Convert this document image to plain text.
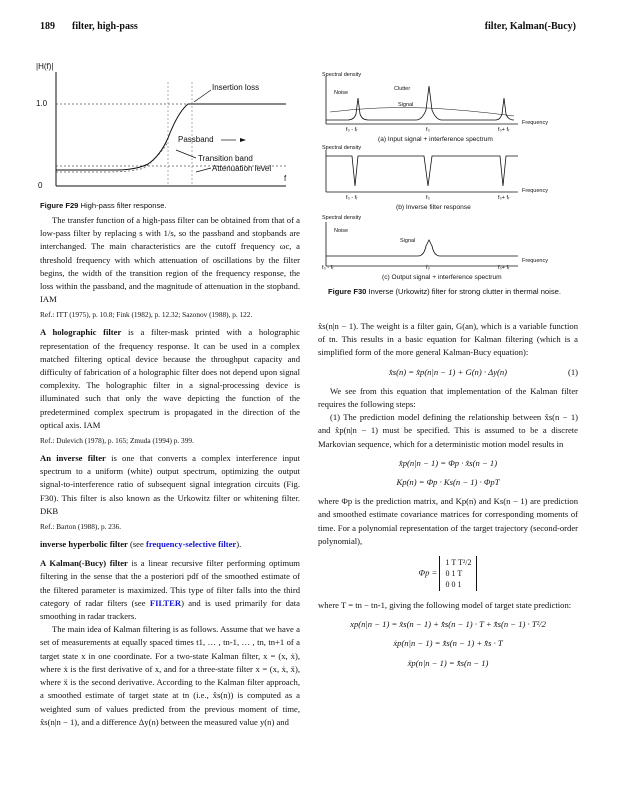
189 filter, high-pass	filter, Kalman(-Bucy)
|H(f)|
1.0
0
f
Insertion loss
Passband
Transition band
Attenuation level
Figure F29 High-pass filter response.
Spectral density
Noise
Clutter
Signal
Frequency
f₀ - fᵣ	f₀	f₀+ fᵣ
(a) Input signal + interference spectrum
Spectral density
Frequency
f₀ - fᵣ	f₀	f₀+ fᵣ
(b) Inverse filter response
Spectral density
Noise
Signal
Frequency
f₀ - fᵣ	f₀	f₀+ fᵣ
(c) Output signal + interference spectrum
Figure F30 Inverse (Urkowitz) filter for strong clutter in thermal noise.

The transfer function of a high-pass filter can be obtained from that of a low-pass filter by replacing s with 1/s, so the passband and stopbands are interchanged. The main characteristics are the cutoff frequency ωc, a threshold frequency with which attenuation of oscillations by the filter begins, the width of the transition region of the frequency response, the loss within the passband, and the magnitude of attenuation in the stopband. IAM

Ref.: ITT (1975), p. 10.8; Fink (1982), p. 12.32; Sazonov (1988), p. 122.

A holographic filter is a filter-mask printed with a holographic representation of the frequency response. It can be used in a complex matched filtering optical device because the throughput capacity and difficulty of fabrication of a holographic filter does not depend upon signal complexity. The holographic filter in a signal-processing device is illuminated such that only the wave depicting the function of the predetermined complex spectrum is propagated in the direction of the optical axis. IAM

Ref.: Dulevich (1978), p. 165; Zmuda (1994) p. 399.

An inverse filter is one that converts a complex interference input spectrum to a uniform (white) output spectrum, optimizing the output signal-to-interference ratio of subsequent signal integration circuits (Fig. F30). This filter is also known as the Urkowitz filter or whitening filter. DKB

Ref.: Barton (1988), p. 236.

inverse hyperbolic filter (see frequency-selective filter).

A Kalman(-Bucy) filter is a linear recursive filter performing optimum filtering in the sense that the a posteriori pdf of the smoothed estimate of the filtered parameter is maximized. This type of filter falls into the third category of radar filters (see FILTER) and is used primarily for data smoothing in radar trackers.

The main idea of Kalman filtering is as follows. Assume that we have a set of measurements at equally spaced times t1, … , tn-1, … , tn, tn+1 of a target state x in one coordinate. For a two-state Kalman filter, x = (x, ẋ), where ẋ is the first derivative of x, and for a three-state filter x = (x, ẋ, ẍ), where ẍ is the second derivative. According to the Kalman filter approach, a smoothed estimate of target state at tn (i.e., x̂s(n)) is computed as a weighted sum of values predicted from the previous moment of time, x̂s(n|n − 1), and a difference Δy(n) between the measured value y(n) and

x̂s(n|n − 1). The weight is a filter gain, G(an), which is a variable function of tn. This results in a basic equation for Kalman filtering (which is a simplified form of the more general Kalman-Bucy equation):

x̂s(n) = x̂p(n|n − 1) + G(n) · Δy(n)	(1)

We see from this equation that implementation of the Kalman filter requires the following steps:

(1) The prediction model defining the relationship between x̂s(n − 1) and x̂p(n|n − 1) must be specified. This is assumed to be a discrete Markovian sequence, which for a deterministic motion model results in

x̂p(n|n − 1) = Φp · x̂s(n − 1)

Kp(n) = Φp · Ks(n − 1) · ΦpT

where Φp is the prediction matrix, and Kp(n) and Ks(n − 1) are prediction and smoothed estimate covariance matrices for corresponding moments of time. For a polynomial representation of the target trajectory (second-order polynomial),

Φp = 1 T T²/2
0 1 T
0 0 1

where T = tn − tn-1, giving the following model of target state prediction:

xp(n|n − 1) = x̂s(n − 1) + x̂̇s(n − 1) · T + x̂̈s(n − 1) · T²/2

ẋp(n|n − 1) = x̂̇s(n − 1) + x̂̈s · T

ẍp(n|n − 1) = x̂̈s(n − 1)
